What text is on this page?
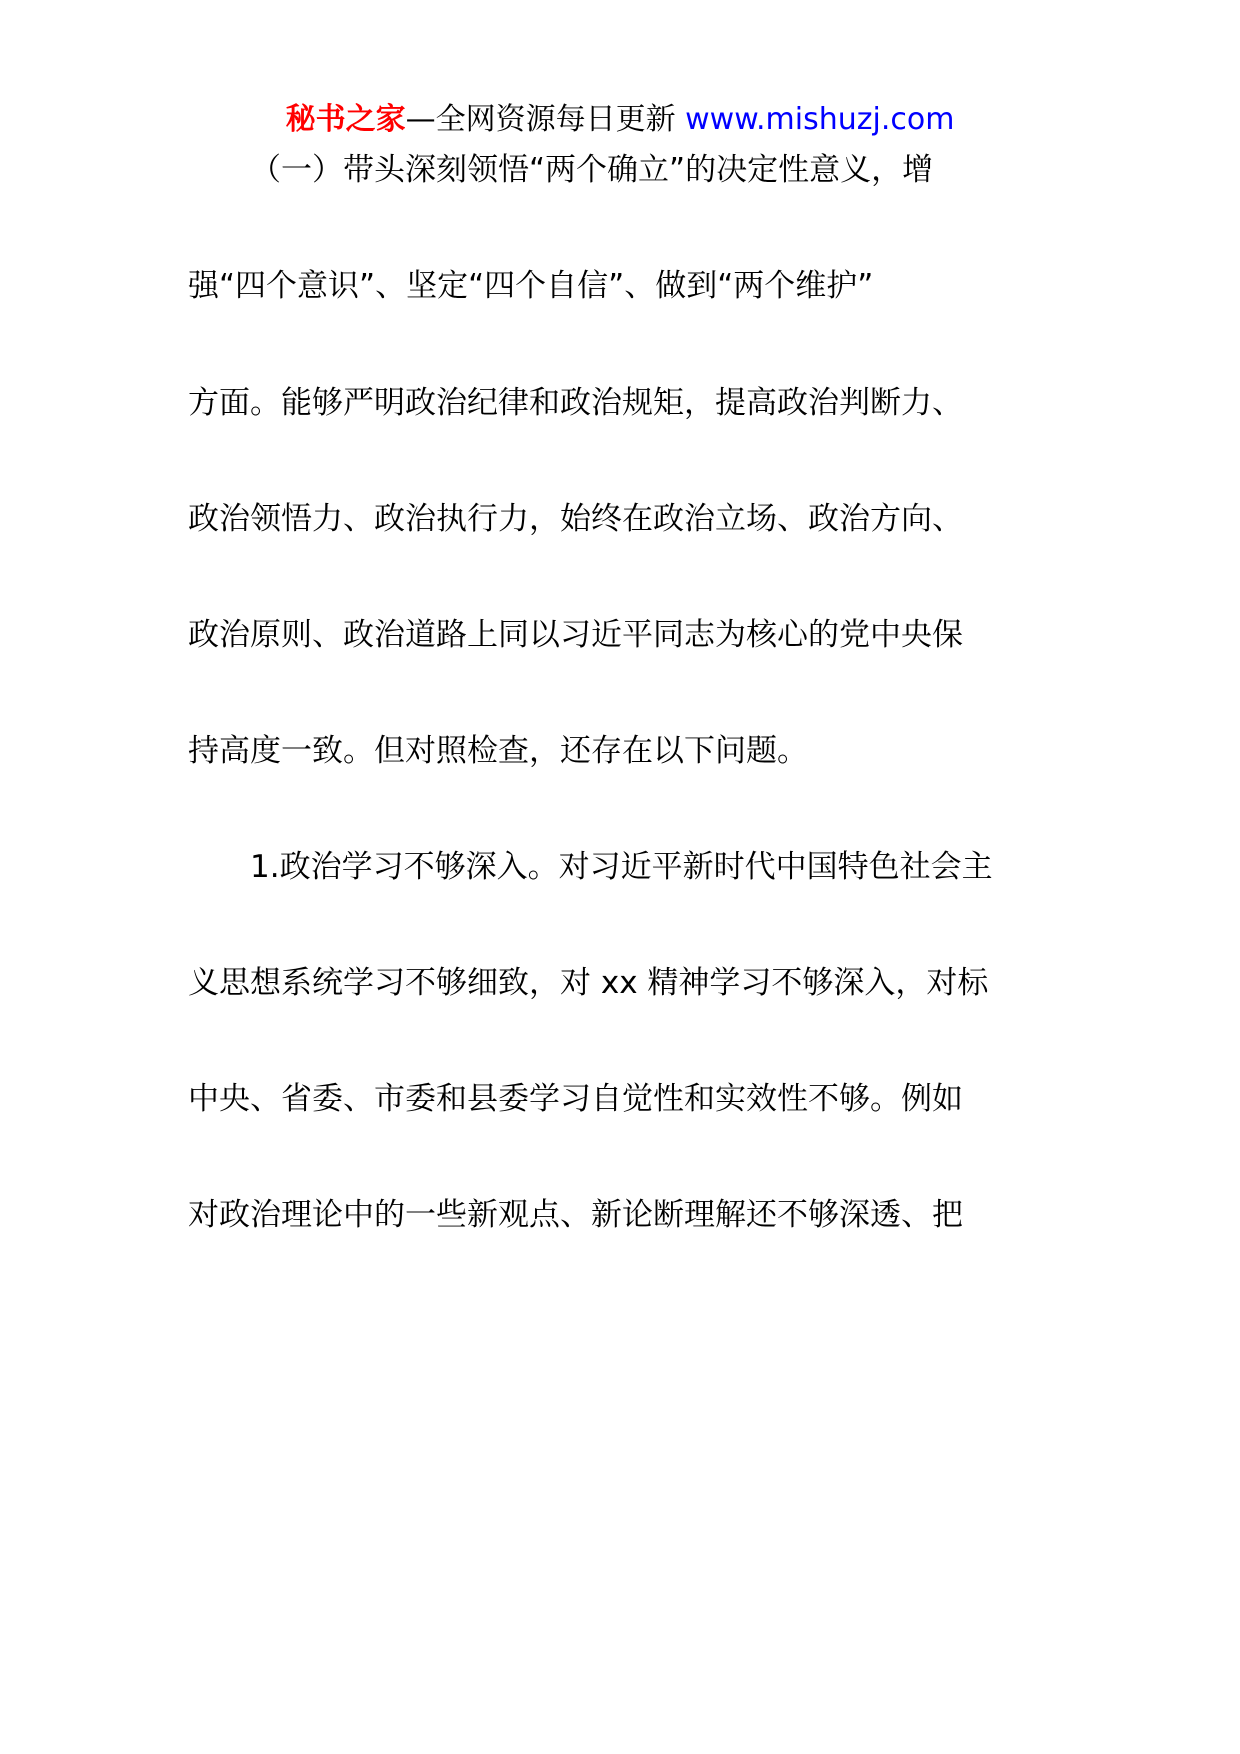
秘书之家—全网资源每日更新 www.mishuzj.com
（一）带头深刻领悟“两个确立”的决定性意义，增
强“四个意识”、坚定“四个自信”、做到“两个维护”
方面。能够严明政治纪律和政治规矩，提高政治判断力、
政治领悟力、政治执行力，始终在政治立场、政治方向、
政治原则、政治道路上同以习近平同志为核心的党中央保
持高度一致。但对照检查，还存在以下问题。
1.政治学习不够深入。对习近平新时代中国特色社会主
义思想系统学习不够细致，对 xx 精神学习不够深入，对标
中央、省委、市委和县委学习自觉性和实效性不够。例如
对政治理论中的一些新观点、新论断理解还不够深透、把
